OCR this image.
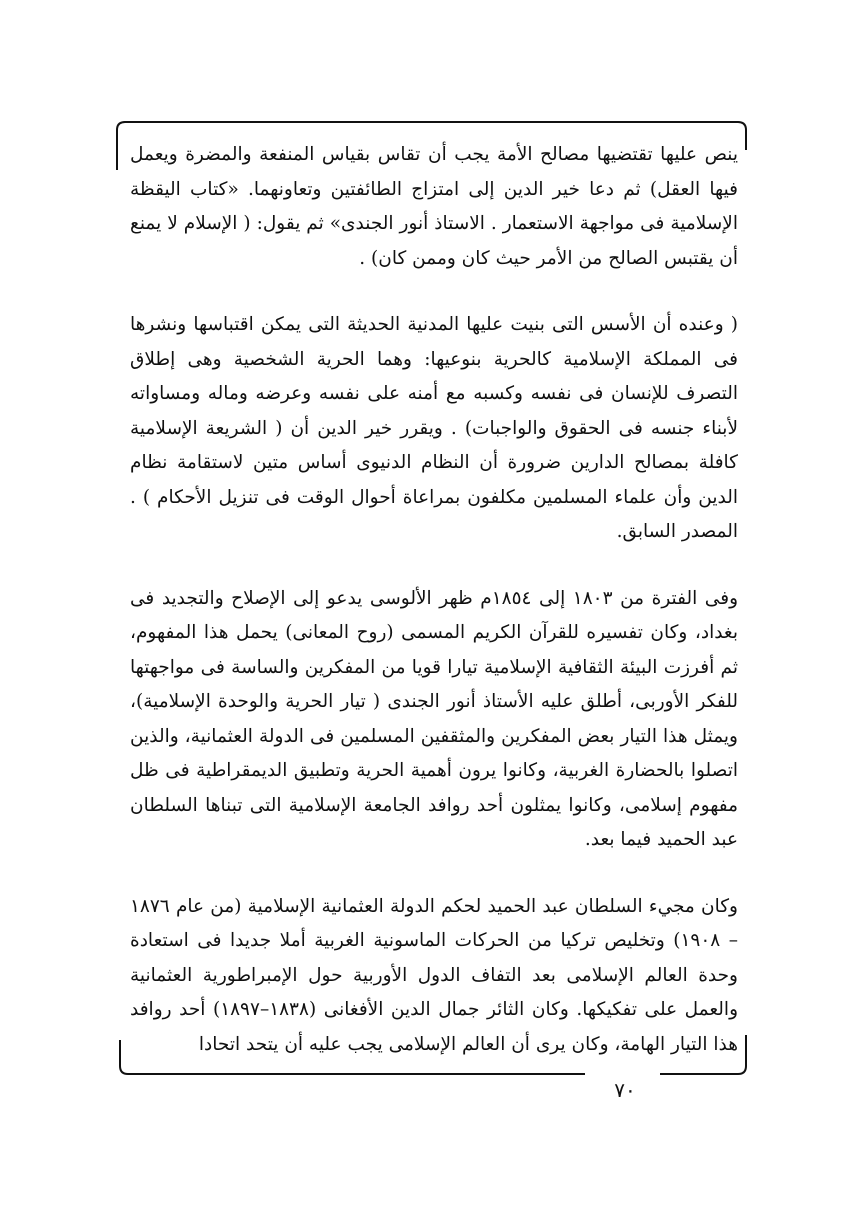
ينص عليها تقتضيها مصالح الأمة يجب أن تقاس بقياس المنفعة والمضرة ويعمل فيها العقل) ثم دعا خير الدين إلى امتزاج الطائفتين وتعاونهما. «كتاب اليقظة الإسلامية فى مواجهة الاستعمار . الاستاذ أنور الجندى» ثم يقول: ( الإسلام لا يمنع أن يقتبس الصالح من الأمر حيث كان وممن كان) .

( وعنده أن الأسس التى بنيت عليها المدنية الحديثة التى يمكن اقتباسها ونشرها فى المملكة الإسلامية كالحرية بنوعيها: وهما الحرية الشخصية وهى إطلاق التصرف للإنسان فى نفسه وكسبه مع أمنه على نفسه وعرضه وماله ومساواته لأبناء جنسه فى الحقوق والواجبات) . ويقرر خير الدين أن ( الشريعة الإسلامية كافلة بمصالح الدارين ضرورة أن النظام الدنيوى أساس متين لاستقامة نظام الدين وأن علماء المسلمين مكلفون بمراعاة أحوال الوقت فى تنزيل الأحكام ) . المصدر السابق.

وفى الفترة من ١٨٠٣ إلى ١٨٥٤م ظهر الألوسى يدعو إلى الإصلاح والتجديد فى بغداد، وكان تفسيره للقرآن الكريم المسمى (روح المعانى) يحمل هذا المفهوم، ثم أفرزت البيئة الثقافية الإسلامية تيارا قويا من المفكرين والساسة فى مواجهتها للفكر الأوربى، أطلق عليه الأستاذ أنور الجندى ( تيار الحرية والوحدة الإسلامية)، ويمثل هذا التيار بعض المفكرين والمثقفين المسلمين فى الدولة العثمانية، والذين اتصلوا بالحضارة الغربية، وكانوا يرون أهمية الحرية وتطبيق الديمقراطية فى ظل مفهوم إسلامى، وكانوا يمثلون أحد روافد الجامعة الإسلامية التى تبناها السلطان عبد الحميد فيما بعد.

وكان مجيء السلطان عبد الحميد لحكم الدولة العثمانية الإسلامية (من عام ١٨٧٦ – ١٩٠٨) وتخليص تركيا من الحركات الماسونية الغربية أملا جديدا فى استعادة وحدة العالم الإسلامى بعد التفاف الدول الأوربية حول الإمبراطورية العثمانية والعمل على تفكيكها. وكان الثائر جمال الدين الأفغانى (١٨٣٨–١٨٩٧) أحد روافد هذا التيار الهامة، وكان يرى أن العالم الإسلامى يجب عليه أن يتحد اتحادا

٧٠
